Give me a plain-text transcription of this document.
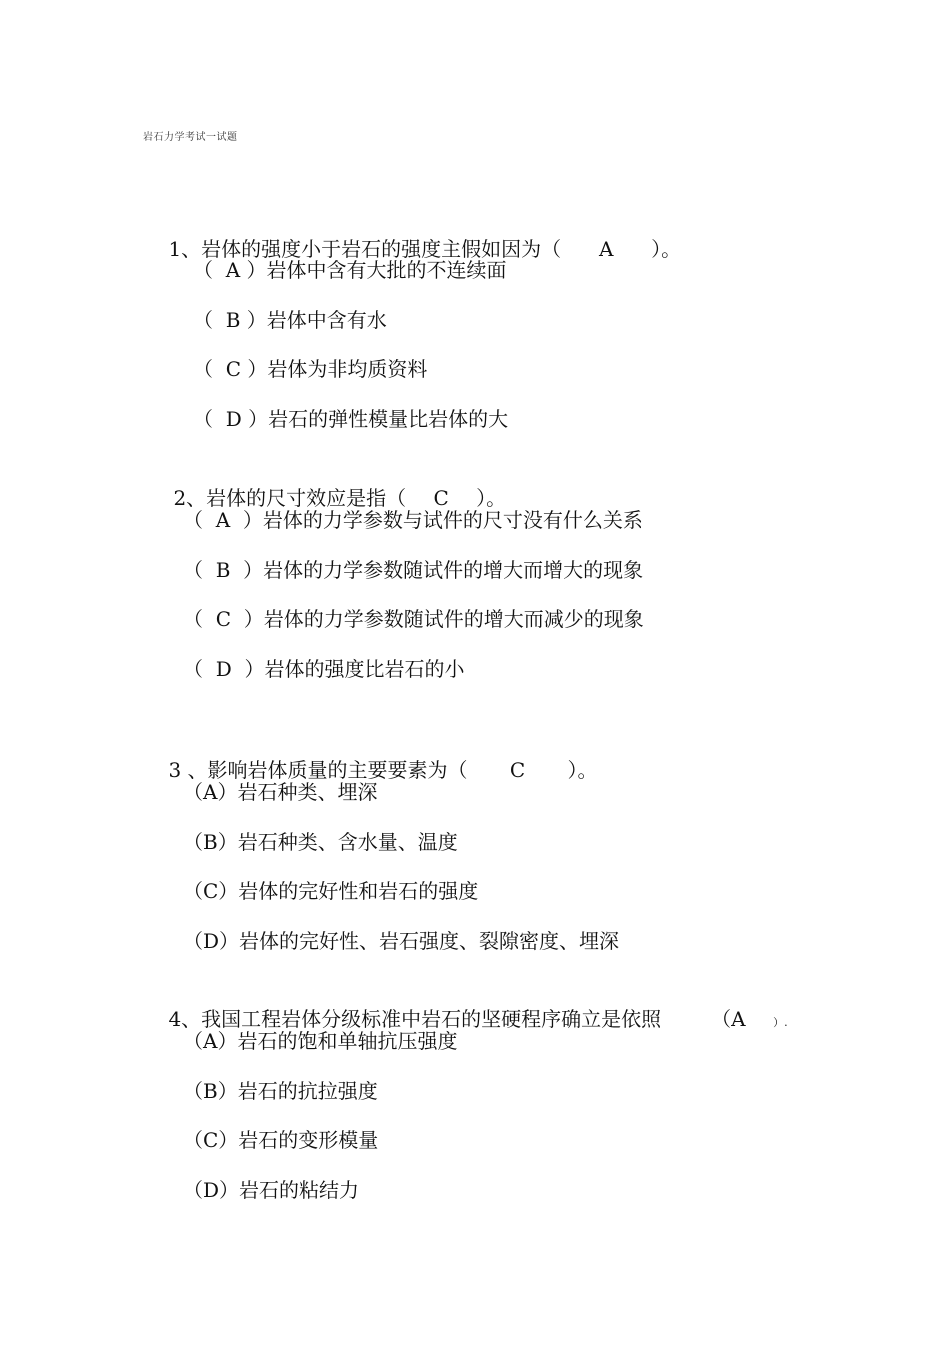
岩石力学考试一试题

1、岩体的强度小于岩石的强度主假如因为（ A ）。

（  A ）岩体中含有大批的不连续面
（  B ）岩体中含有水
（  C ）岩体为非均质资料
（  D ）岩石的弹性模量比岩体的大

2、岩体的尺寸效应是指（ C ）。

（  A  ）岩体的力学参数与试件的尺寸没有什么关系
（  B  ）岩体的力学参数随试件的增大而增大的现象
（  C  ）岩体的力学参数随试件的增大而减少的现象
（  D  ）岩体的强度比岩石的小

3 、影响岩体质量的主要要素为（ C ）。

（A）岩石种类、埋深
（B）岩石种类、含水量、温度
（C）岩体的完好性和岩石的强度
（D）岩体的完好性、岩石强度、裂隙密度、埋深

4、我国工程岩体分级标准中岩石的坚硬程序确立是依照	（A	）.

（A）岩石的饱和单轴抗压强度
（B）岩石的抗拉强度
（C）岩石的变形模量
（D）岩石的粘结力
